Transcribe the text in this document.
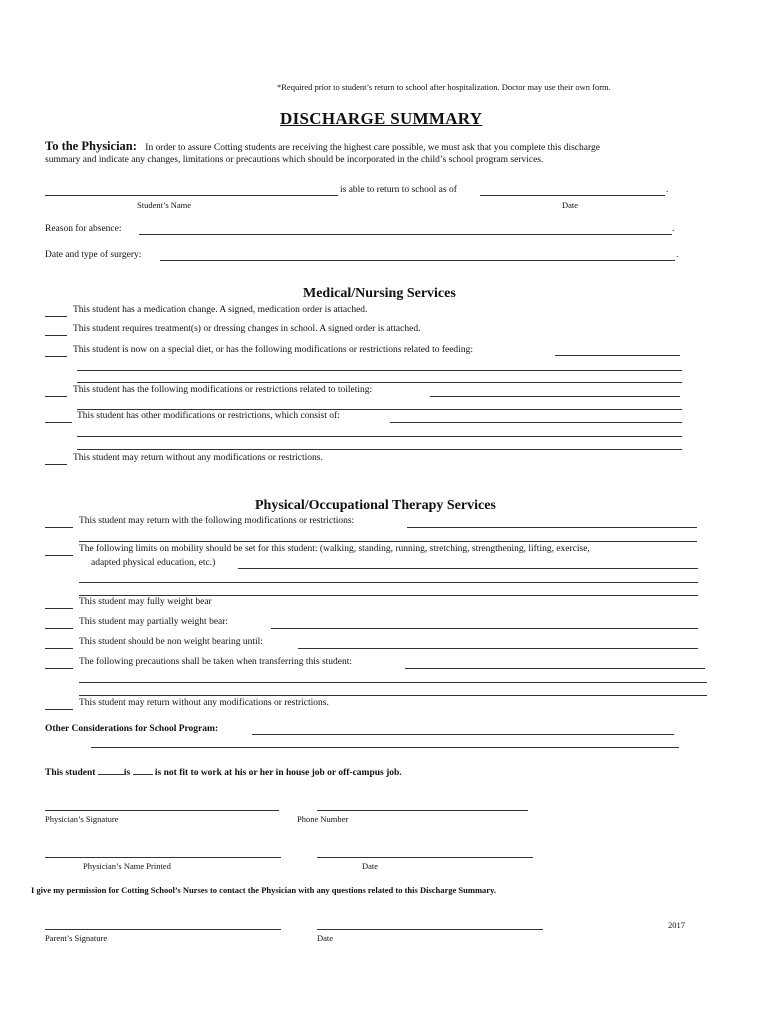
*Required prior to student’s return to school after hospitalization. Doctor may use their own form.
DISCHARGE SUMMARY
To the Physician: In order to assure Cotting students are receiving the highest care possible, we must ask that you complete this discharge
summary and indicate any changes, limitations or precautions which should be incorporated in the child’s school program services.
is able to return to school as of	.
Student’s Name	Date
Reason for absence:	.
Date and type of surgery:	.
Medical/Nursing Services
This student has a medication change. A signed, medication order is attached.
This student requires treatment(s) or dressing changes in school. A signed order is attached.
This student is now on a special diet, or has the following modifications or restrictions related to feeding:
This student has the following modifications or restrictions related to toileting:
This student has other modifications or restrictions, which consist of:
This student may return without any modifications or restrictions.
Physical/Occupational Therapy Services
This student may return with the following modifications or restrictions:
The following limits on mobility should be set for this student: (walking, standing, running, stretching, strengthening, lifting, exercise,
adapted physical education, etc.)
This student may fully weight bear
This student may partially weight bear:
This student should be non weight bearing until:
The following precautions shall be taken when transferring this student:
This student may return without any modifications or restrictions.
Other Considerations for School Program:
This student	is	is not fit to work at his or her in house job or off-campus job.
Physician’s Signature	Phone Number
Physician’s Name Printed	Date
I give my permission for Cotting School’s Nurses to contact the Physician with any questions related to this Discharge Summary.
Parent’s Signature	Date
2017
